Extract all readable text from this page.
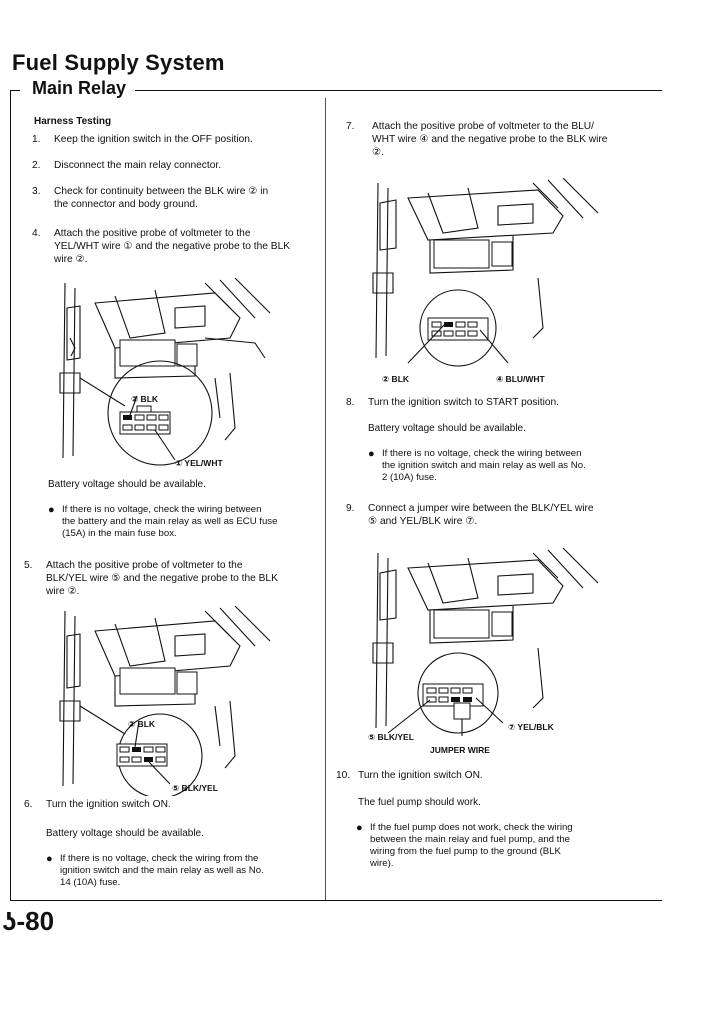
Fuel Supply System
Main Relay
Harness Testing
1. Keep the ignition switch in the OFF position.
2. Disconnect the main relay connector.
3. Check for continuity between the BLK wire ② in
the connector and body ground.
4. Attach the positive probe of voltmeter to the
YEL/WHT wire ① and the negative probe to the BLK
wire ②.
② BLK
① YEL/WHT
Battery voltage should be available.
● If there is no voltage, check the wiring between
the battery and the main relay as well as ECU fuse
(15A) in the main fuse box.
5. Attach the positive probe of voltmeter to the
BLK/YEL wire ⑤ and the negative probe to the BLK
wire ②.
② BLK
⑤ BLK/YEL
6. Turn the ignition switch ON.
Battery voltage should be available.
● If there is no voltage, check the wiring from the
ignition switch and the main relay as well as No.
14 (10A) fuse.
7. Attach the positive probe of voltmeter to the BLU/
WHT wire ④ and the negative probe to the BLK wire
②.
② BLK	④ BLU/WHT
8. Turn the ignition switch to START position.
Battery voltage should be available.
● If there is no voltage, check the wiring between
the ignition switch and main relay as well as No.
2 (10A) fuse.
9. Connect a jumper wire between the BLK/YEL wire
⑤ and YEL/BLK wire ⑦.
⑤ BLK/YEL
⑦ YEL/BLK
JUMPER WIRE
10. Turn the ignition switch ON.
The fuel pump should work.
● If the fuel pump does not work, check the wiring
between the main relay and fuel pump, and the
wiring from the fuel pump to the ground (BLK
wire).
ʖ-80
